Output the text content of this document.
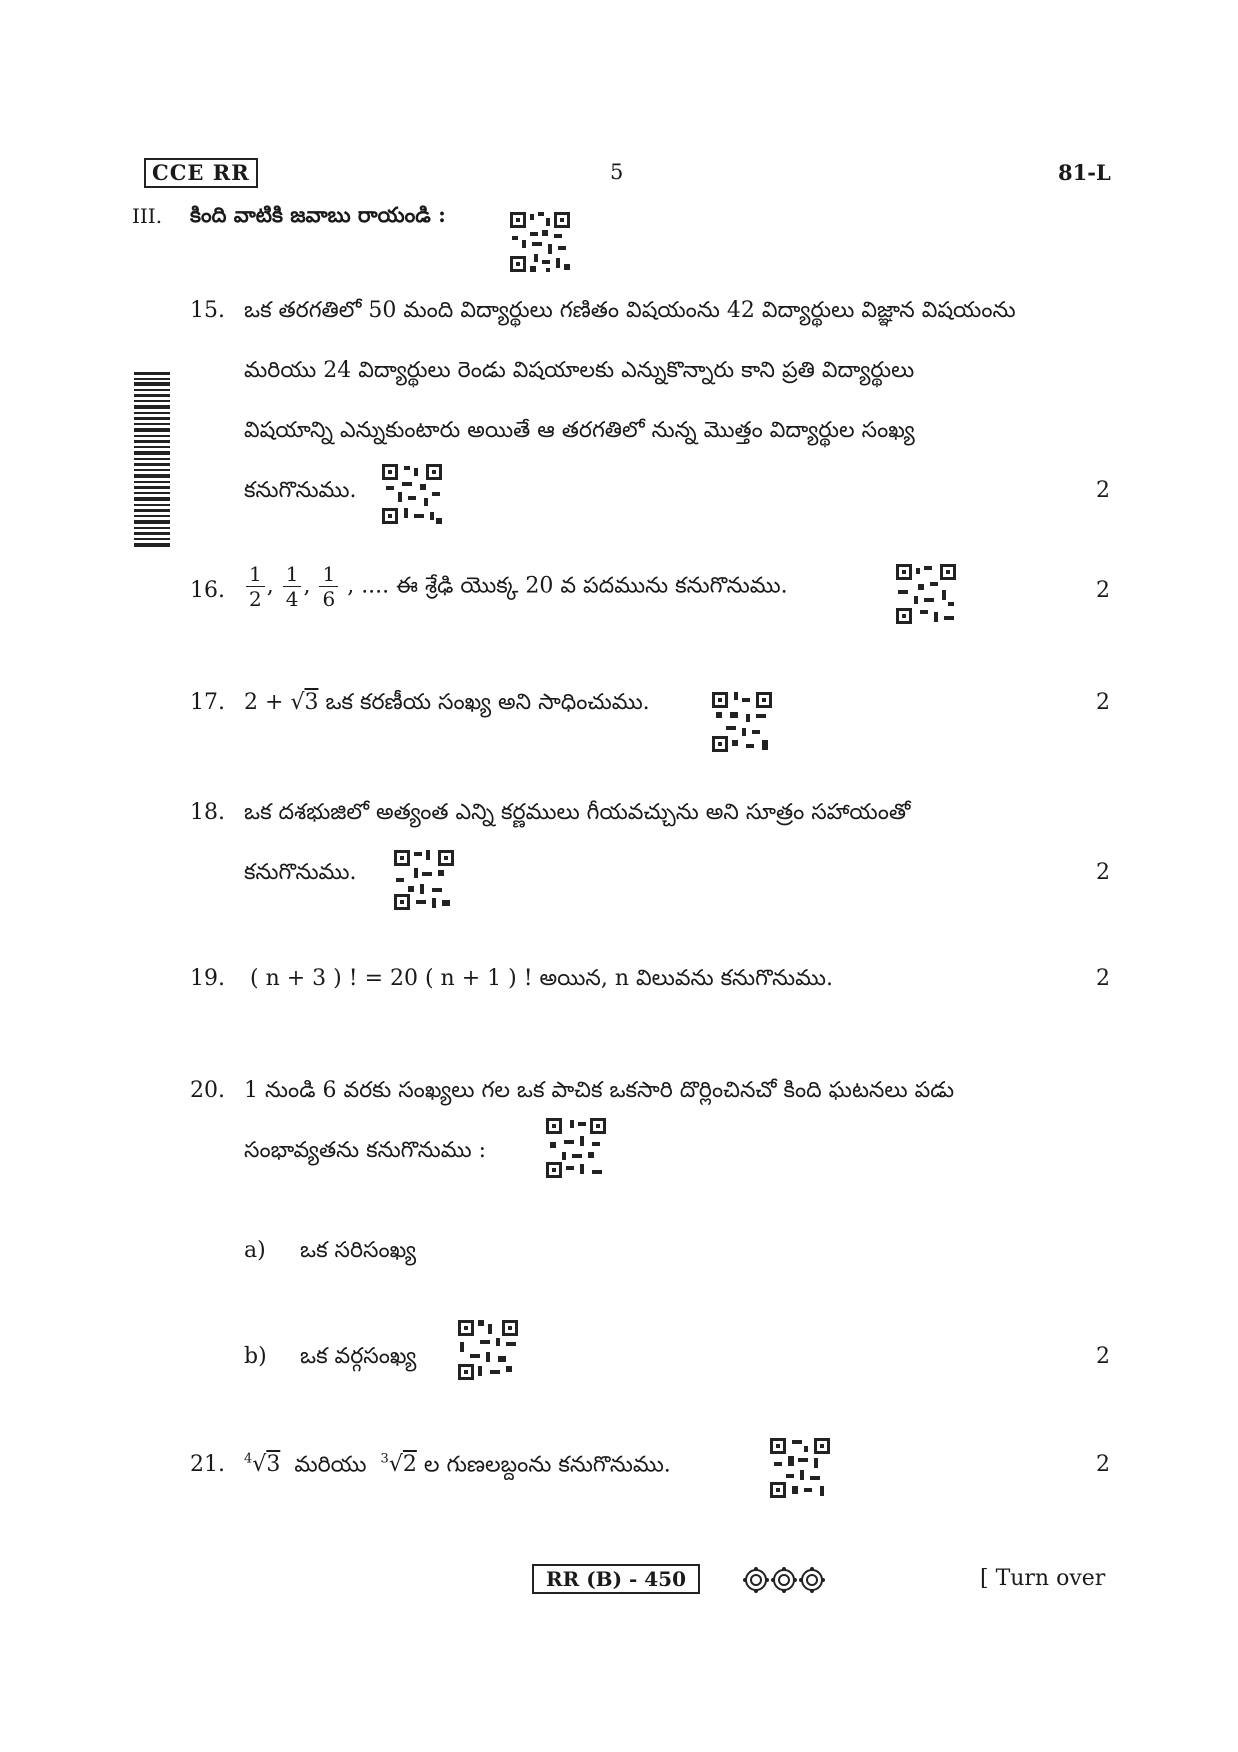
CCE RR	5	81-L
III. కింది వాటికి జవాబు రాయండి :
15. ఒక తరగతిలో 50 మంది విద్యార్థులు గణితం విషయంను 42 విద్యార్థులు విజ్ఞాన విషయంను
మరియు 24 విద్యార్థులు రెండు విషయాలకు ఎన్నుకొన్నారు కాని ప్రతి విద్యార్థులు
విషయాన్ని ఎన్నుకుంటారు అయితే ఆ తరగతిలో నున్న మొత్తం విద్యార్థుల సంఖ్య
కనుగొనుము.	2
16. $\frac{1}{2}$ , $\frac{1}{4}$ , $\frac{1}{6}$ , .... ఈ శ్రేఢి యొక్క 20 వ పదమును కనుగొనుము.	2
17. 2 + √3 ఒక కరణీయ సంఖ్య అని సాధించుము.	2
18. ఒక దశభుజిలో అత్యంత ఎన్ని కర్ణములు గీయవచ్చును అని సూత్రం సహాయంతో
కనుగొనుము.	2
19. ( n + 3 ) ! = 20 ( n + 1 ) ! అయిన, n విలువను కనుగొనుము.	2
20. 1 నుండి 6 వరకు సంఖ్యలు గల ఒక పాచిక ఒకసారి దొర్లించినచో కింది ఘటనలు పడు
సంభావ్యతను కనుగొనుము :
a) ఒక సరిసంఖ్య
b) ఒక వర్గసంఖ్య	2
21. $^4$√3 మరియు $^3$√2 ల గుణలబ్దంను కనుగొనుము.	2
RR (B) - 450	[ Turn over
